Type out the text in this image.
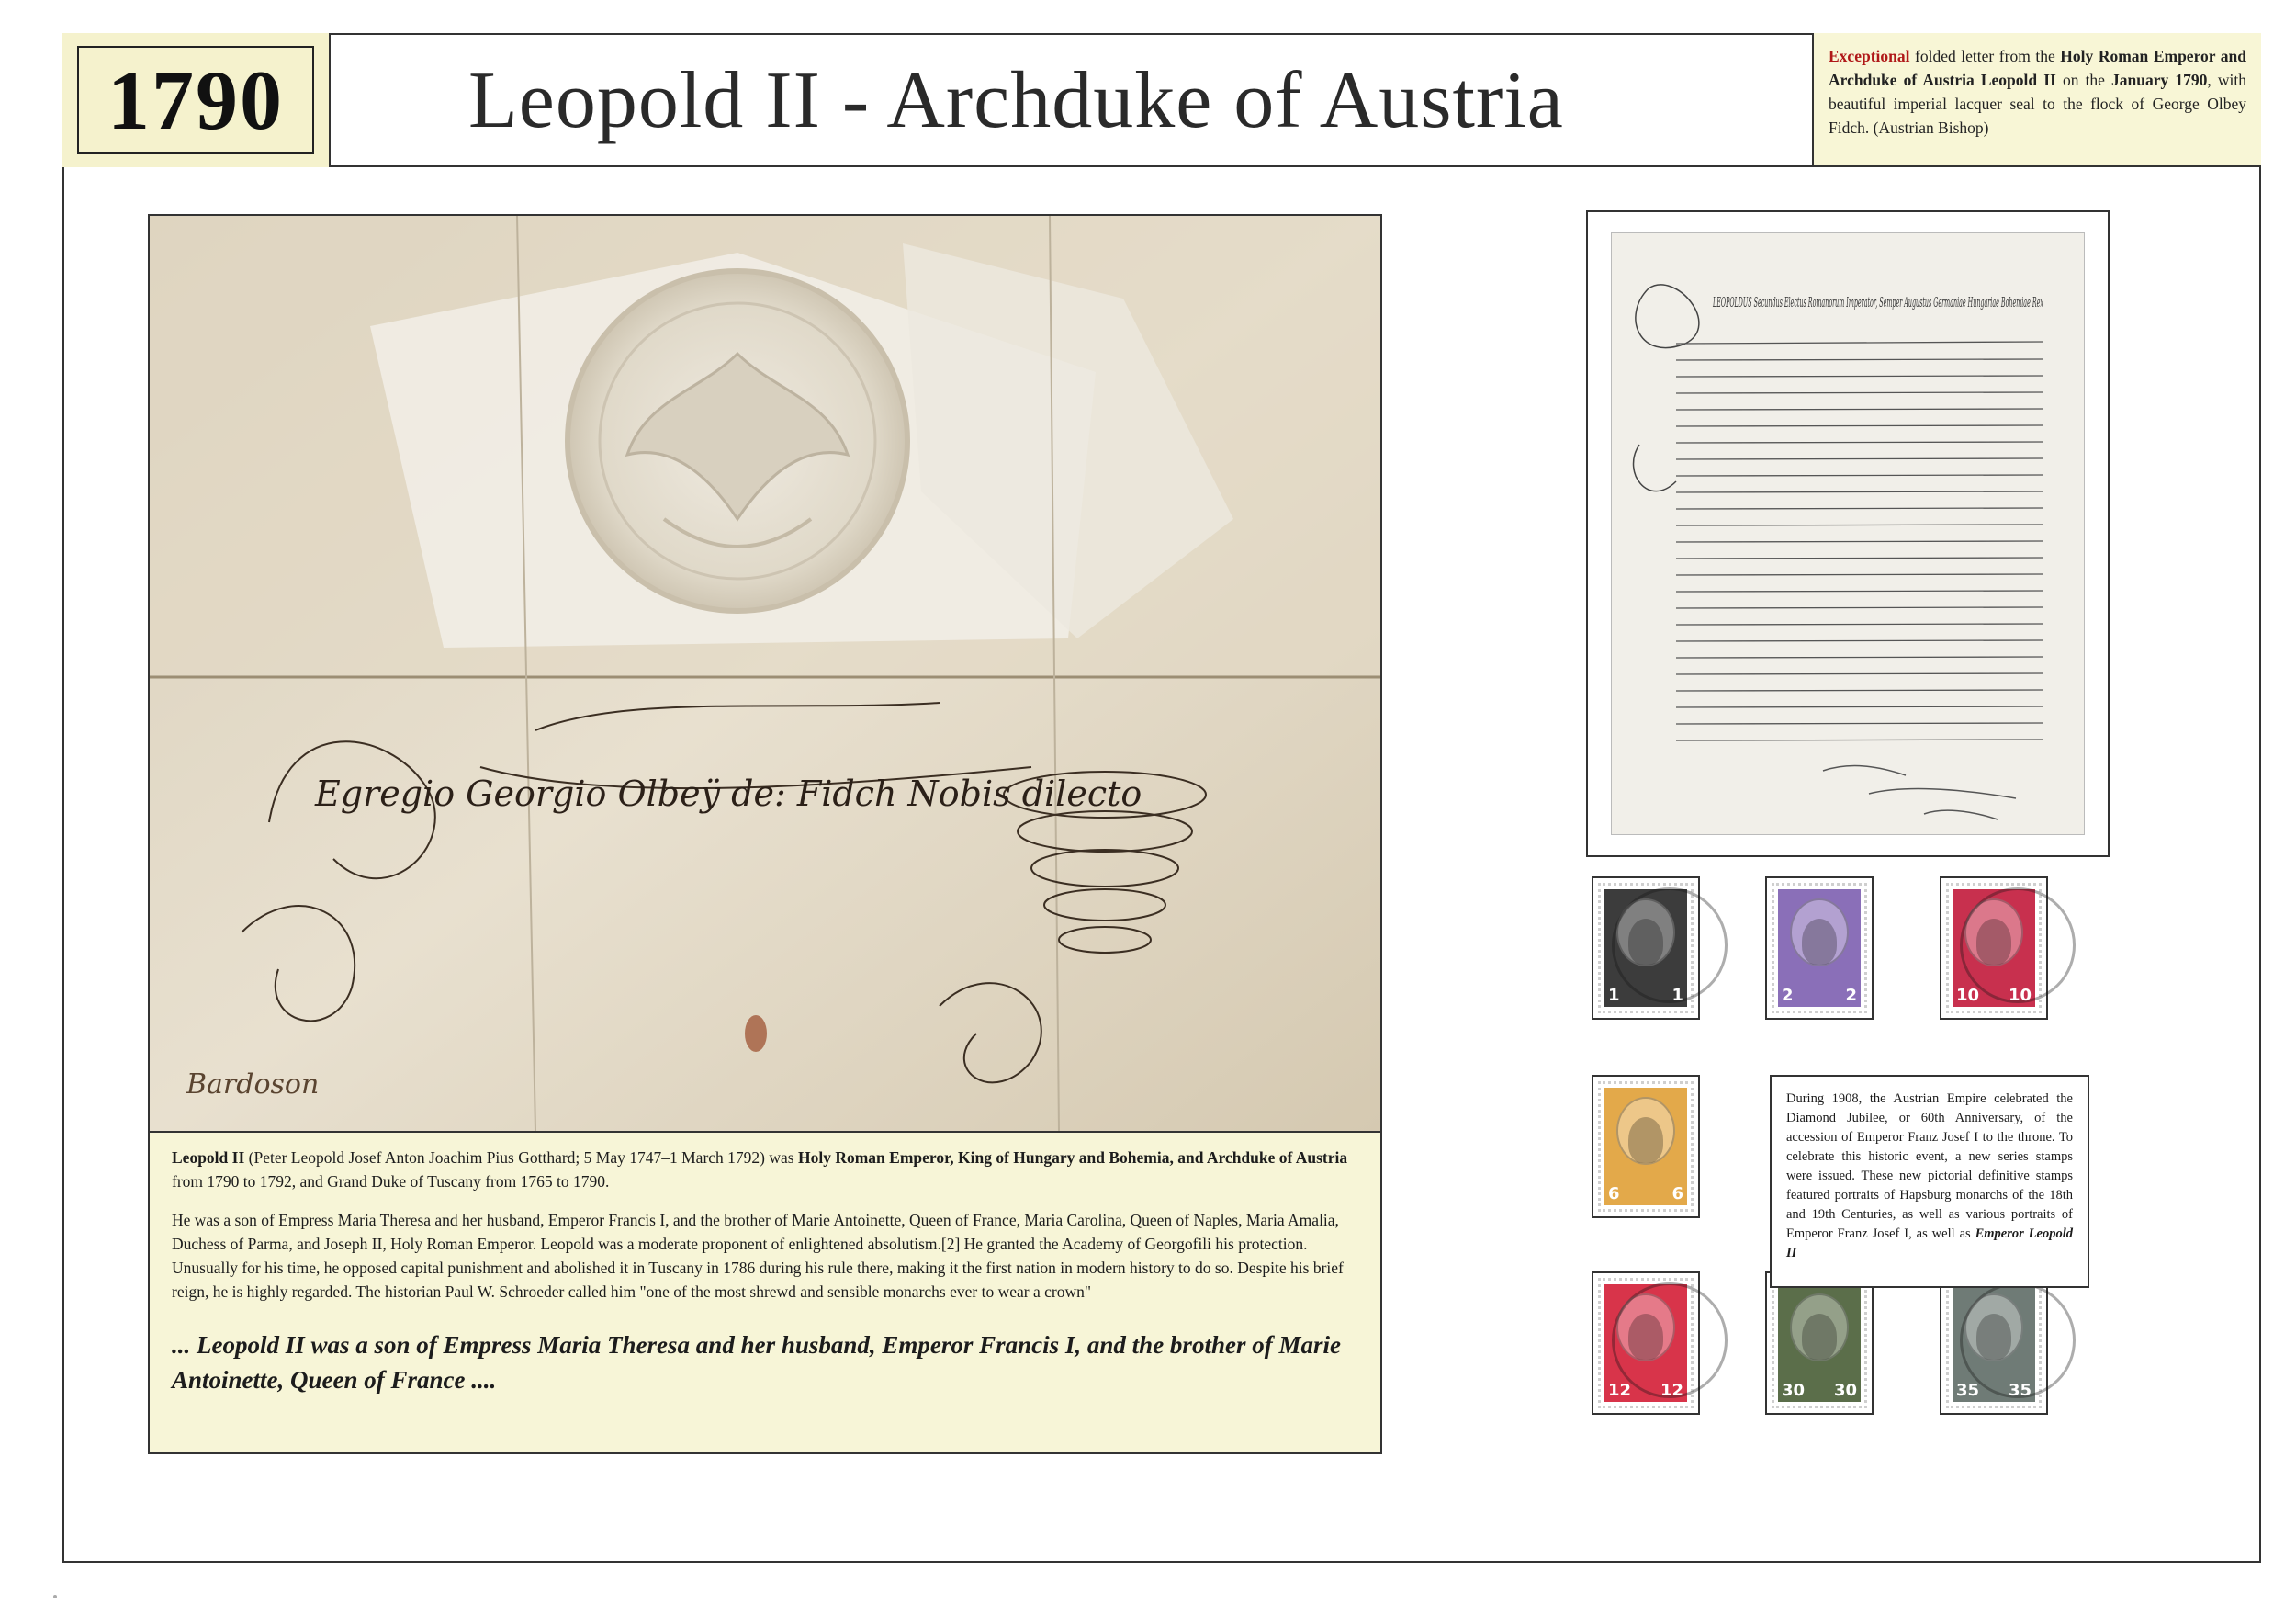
1790	Leopold II - Archduke of Austria	Exceptional folded letter from the Holy Roman Emperor and Archduke of Austria Leopold II on the January 1790, with beautiful imperial lacquer seal to the flock of George Olbey Fidch. (Austrian Bishop)
Egregio Georgio Olbeÿ de: Fidch Nobis dilecto
Bardoson

Leopold II (Peter Leopold Josef Anton Joachim Pius Gotthard; 5 May 1747–1 March 1792) was Holy Roman Emperor, King of Hungary and Bohemia, and Archduke of Austria from 1790 to 1792, and Grand Duke of Tuscany from 1765 to 1790.

He was a son of Empress Maria Theresa and her husband, Emperor Francis I, and the brother of Marie Antoinette, Queen of France, Maria Carolina, Queen of Naples, Maria Amalia, Duchess of Parma, and Joseph II, Holy Roman Emperor. Leopold was a moderate proponent of enlightened absolutism.[2] He granted the Academy of Georgofili his protection. Unusually for his time, he opposed capital punishment and abolished it in Tuscany in 1786 during his rule there, making it the first nation in modern history to do so. Despite his brief reign, he is highly regarded. The historian Paul W. Schroeder called him "one of the most shrewd and sensible monarchs ever to wear a crown"

... Leopold II was a son of Empress Maria Theresa and her husband, Emperor Francis I, and the brother of Marie Antoinette, Queen of France ....

LEOPOLDUS Secundus Electus Romanorum Imperator, Semper Augustus Germaniae Hungariae Bohemiae Rex
1	1	2	2	10 10
6	6
12 12	30 30	35 35
During 1908, the Austrian Empire celebrated the Diamond Jubilee, or 60th Anniversary, of the accession of Emperor Franz Josef I to the throne. To celebrate this historic event, a new series stamps were issued. These new pictorial definitive stamps featured portraits of Hapsburg monarchs of the 18th and 19th Centuries, as well as various portraits of Emperor Franz Josef I, as well as Emperor Leopold II
